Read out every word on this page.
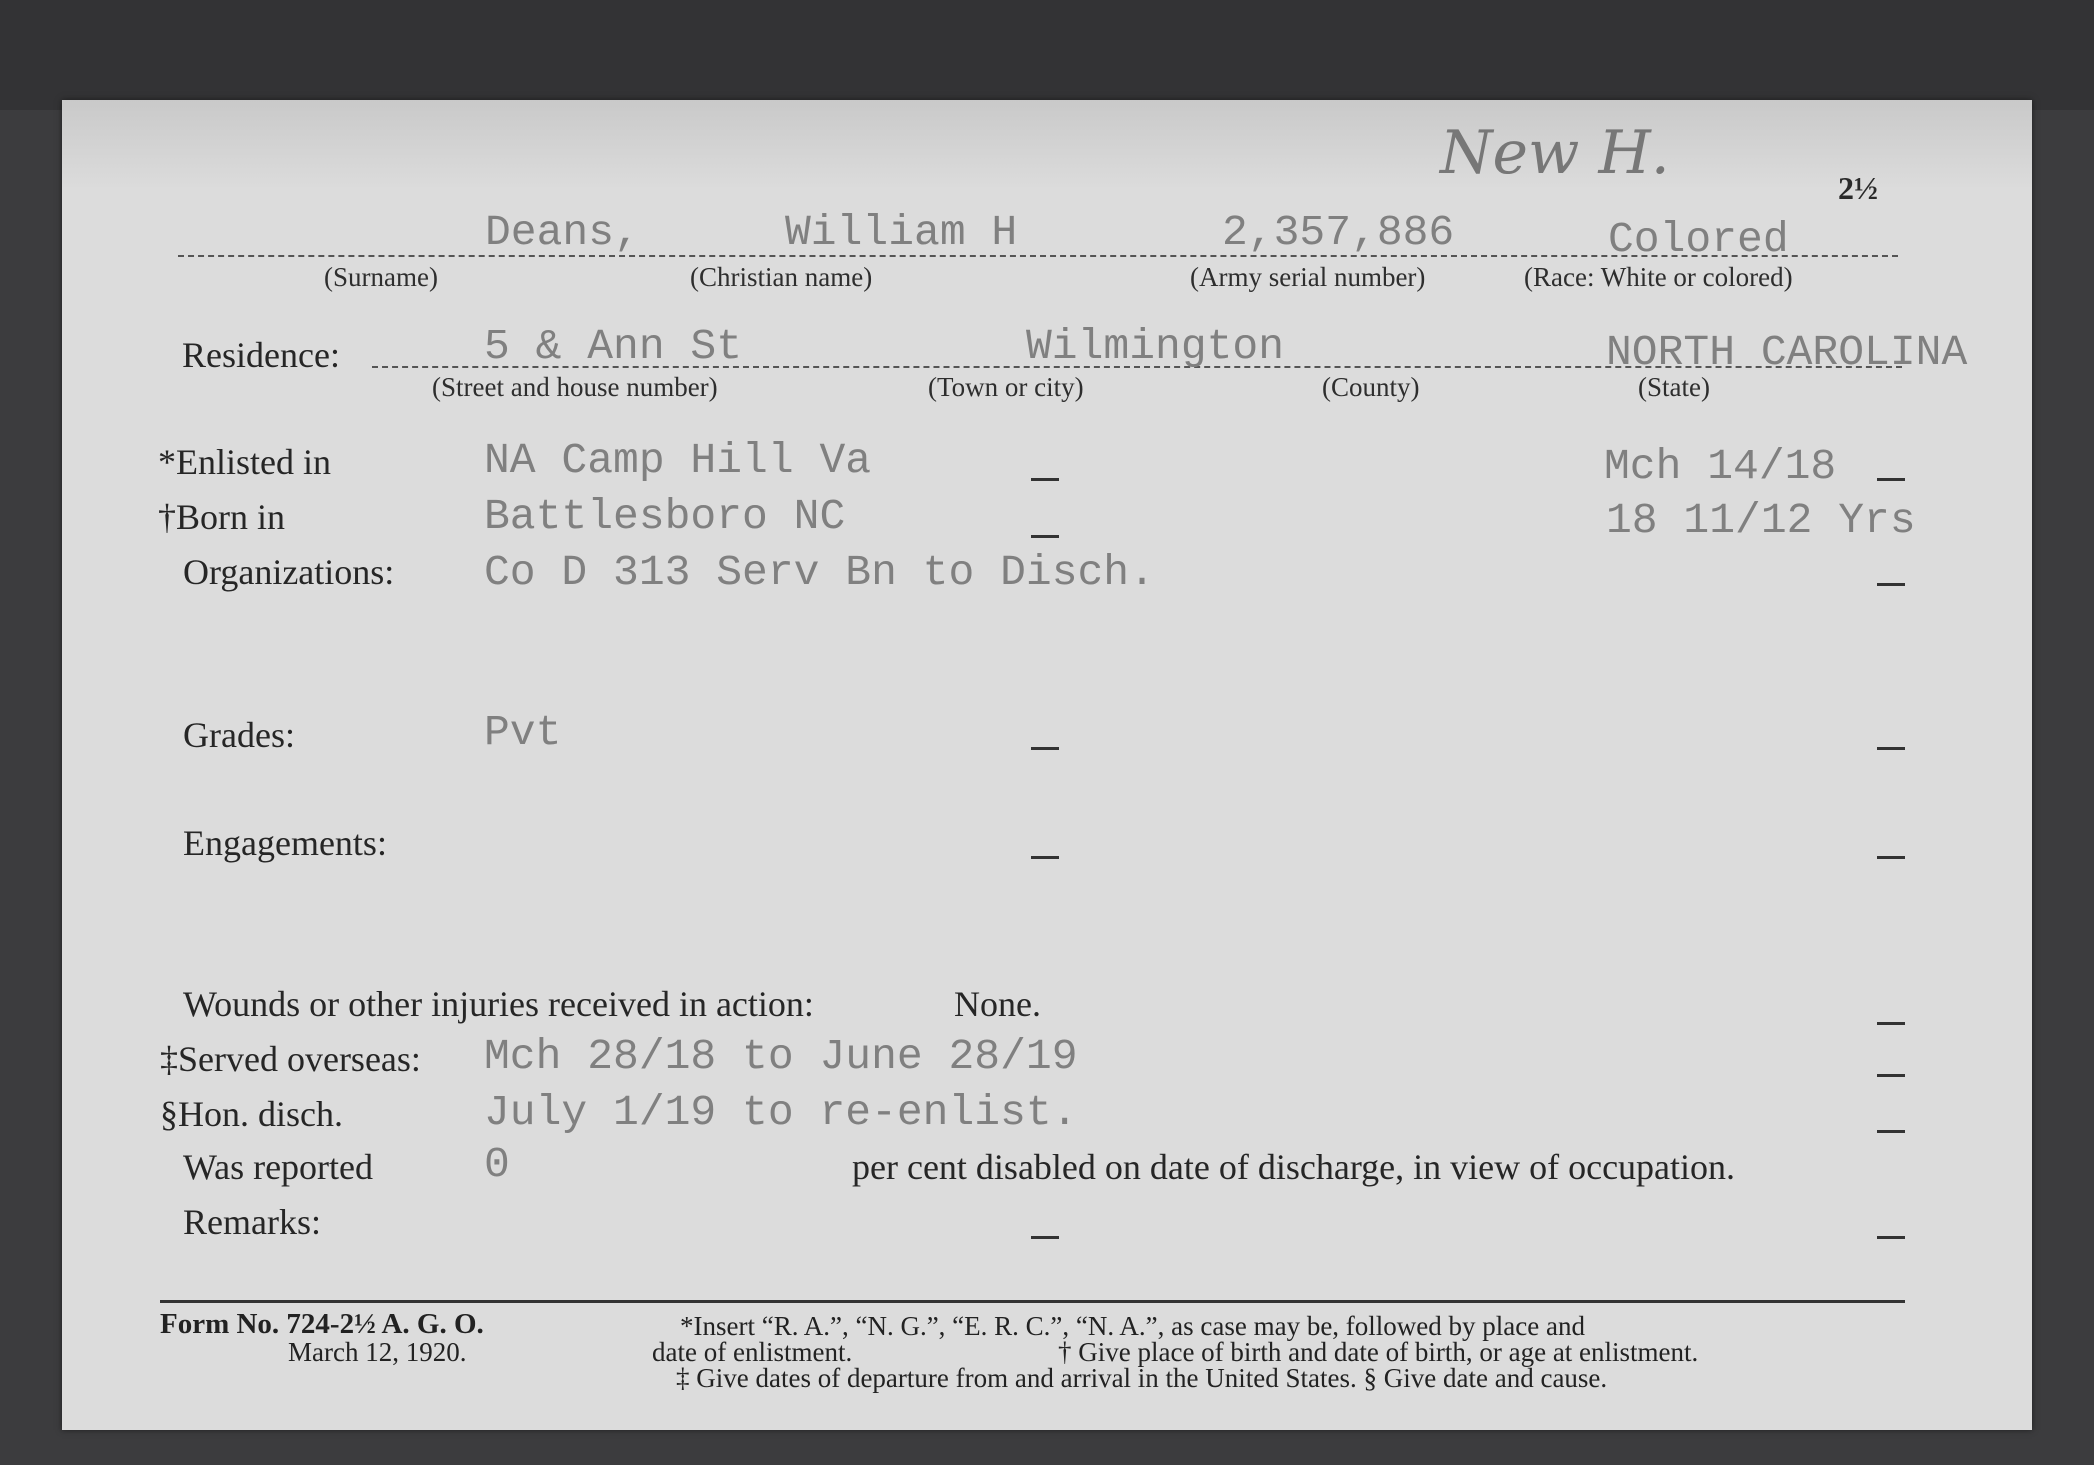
New H.	2½
Deans,	William H	2,357,886	Colored
(Surname)	(Christian name)	(Army serial number)	(Race: White or colored)
Residence:	5 & Ann St	Wilmington	NORTH CAROLINA
(Street and house number)	(Town or city)	(County)	(State)
*Enlisted in	NA Camp Hill Va	Mch 14/18
†Born in	Battlesboro NC	18 11/12 Yrs
Organizations: Co D 313 Serv Bn to Disch.
Grades:	Pvt
Engagements:
Wounds or other injuries received in action:	None.
‡Served overseas: Mch 28/18 to June 28/19
§Hon. disch.	July 1/19 to re-enlist.
Was reported	0	per cent disabled on date of discharge, in view of occupation.
Remarks:
Form No. 724-2½ A. G. O.
March 12, 1920.
*Insert “R. A.”, “N. G.”, “E. R. C.”, “N. A.”, as case may be, followed by place and
date of enlistment.	† Give place of birth and date of birth, or age at enlistment.
‡ Give dates of departure from and arrival in the United States. § Give date and cause.
